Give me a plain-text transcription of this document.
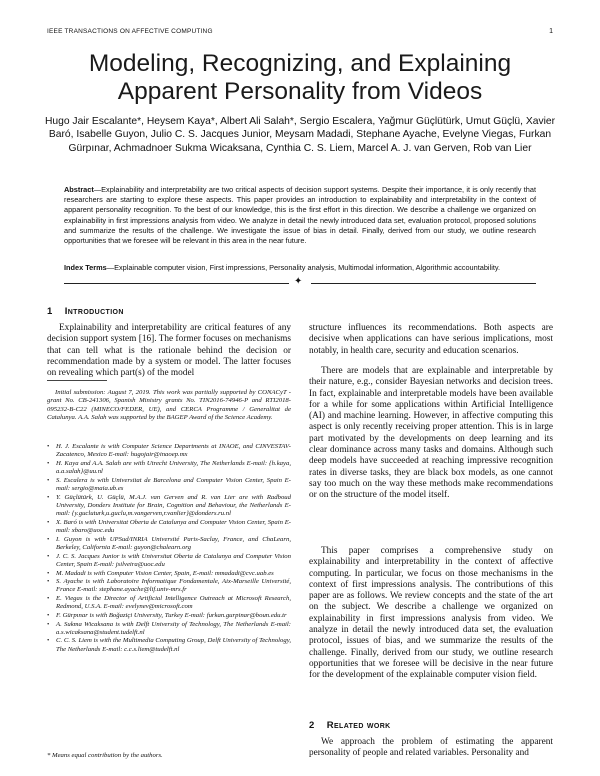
IEEE TRANSACTIONS ON AFFECTIVE COMPUTING	1
Modeling, Recognizing, and Explaining Apparent Personality from Videos
Hugo Jair Escalante*, Heysem Kaya*, Albert Ali Salah*, Sergio Escalera, Yağmur Güçlütürk, Umut Güçlü, Xavier Baró, Isabelle Guyon, Julio C. S. Jacques Junior, Meysam Madadi, Stephane Ayache, Evelyne Viegas, Furkan Gürpınar, Achmadnoer Sukma Wicaksana, Cynthia C. S. Liem, Marcel A. J. van Gerven, Rob van Lier
Abstract—Explainability and interpretability are two critical aspects of decision support systems. Despite their importance, it is only recently that researchers are starting to explore these aspects. This paper provides an introduction to explainability and interpretability in the context of apparent personality recognition. To the best of our knowledge, this is the first effort in this direction. We describe a challenge we organized on explainability in first impressions analysis from video. We analyze in detail the newly introduced data set, evaluation protocol, proposed solutions and summarize the results of the challenge. We investigate the issue of bias in detail. Finally, derived from our study, we outline research opportunities that we foresee will be relevant in this area in the near future.
Index Terms—Explainable computer vision, First impressions, Personality analysis, Multimodal information, Algorithmic accountability.
✦
1 Introduction
Explainability and interpretability are critical features of any decision support system [16]. The former focuses on mechanisms that can tell what is the rationale behind the decision or recommendation made by a system or model. The latter focuses on revealing which part(s) of the model
Initial submission: August 7, 2019. This work was partially supported by CONACyT - grant No. CB-241306, Spanish Ministry grants No. TIN2016-74946-P and RTI2018-095232-B-C22 (MINECO/FEDER, UE), and CERCA Programme / Generalitat de Catalunya. A.A. Salah was supported by the BAGEP Award of the Science Academy.
• H. J. Escalante is with Computer Science Departments at INAOE, and CINVESTAV-Zacatenco, Mexico E-mail: hugojair@inaoep.mx
• H. Kaya and A.A. Salah are with Utrecht University, The Netherlands E-mail: {h.kaya, a.a.salah}@uu.nl
• S. Escalera is with Universitat de Barcelona and Computer Vision Center, Spain E-mail: sergio@maia.ub.es
• Y. Güçlütürk, U. Güçlü, M.A.J. van Gerven and R. van Lier are with Radboud University, Donders Institute for Brain, Cognition and Behaviour, the Netherlands E-mail: {y.gucluturk,u.guclu,m.vangerven,r.vanlier}@donders.ru.nl
• X. Baró is with Universitat Oberta de Catalunya and Computer Vision Center, Spain E-mail: xbaro@uoc.edu
• I. Guyon is with UPSud/INRIA Université Paris-Saclay, France, and ChaLearn, Berkeley, California E-mail: guyon@chalearn.org
• J. C. S. Jacques Junior is with Universitat Oberta de Catalunya and Computer Vision Center, Spain E-mail: jsilveira@uoc.edu
• M. Madadi is with Computer Vision Center, Spain, E-mail: mmadadi@cvc.uab.es
• S. Ayache is with Laboratoire Informatique Fondamentale, Aix-Marseille Université, France E-mail: stephane.ayache@lif.univ-mrs.fr
• E. Viegas is the Director of Artificial Intelligence Outreach at Microsoft Research, Redmond, U.S.A. E-mail: evelynev@microsoft.com
• F. Gürpınar is with Boğaziçi University, Turkey E-mail: furkan.gurpinar@boun.edu.tr
• A. Sukma Wicaksana is with Delft University of Technology, The Netherlands E-mail: a.s.wicaksana@student.tudelft.nl
• C. C. S. Liem is with the Multimedia Computing Group, Delft University of Technology, The Netherlands E-mail: c.c.s.liem@tudelft.nl
* Means equal contribution by the authors.
structure influences its recommendations. Both aspects are decisive when applications can have serious implications, most notably, in health care, security and education scenarios.
There are models that are explainable and interpretable by their nature, e.g., consider Bayesian networks and decision trees. In fact, explainable and interpretable models have been available for a while for some applications within Artificial Intelligence (AI) and machine learning. However, in affective computing this aspect is only recently receiving proper attention. This is in large part motivated by the developments on deep learning and its clear dominance across many tasks and domains. Although such deep models have succeeded at reaching impressive recognition rates in diverse tasks, they are black box models, as one cannot say too much on the way these methods make recommendations or on the structure of the model itself.
This paper comprises a comprehensive study on explainability and interpretability in the context of affective computing. In particular, we focus on those mechanisms in the context of first impressions analysis. The contributions of this paper are as follows. We review concepts and the state of the art on the subject. We describe a challenge we organized on explainability in first impressions analysis from video. We analyze in detail the newly introduced data set, the evaluation protocol, issues of bias, and we summarize the results of the challenge. Finally, derived from our study, we outline research opportunities that we foresee will be decisive in the near future for the development of the explainable computer vision field.
2 Related work
We approach the problem of estimating the apparent personality of people and related variables. Personality and
